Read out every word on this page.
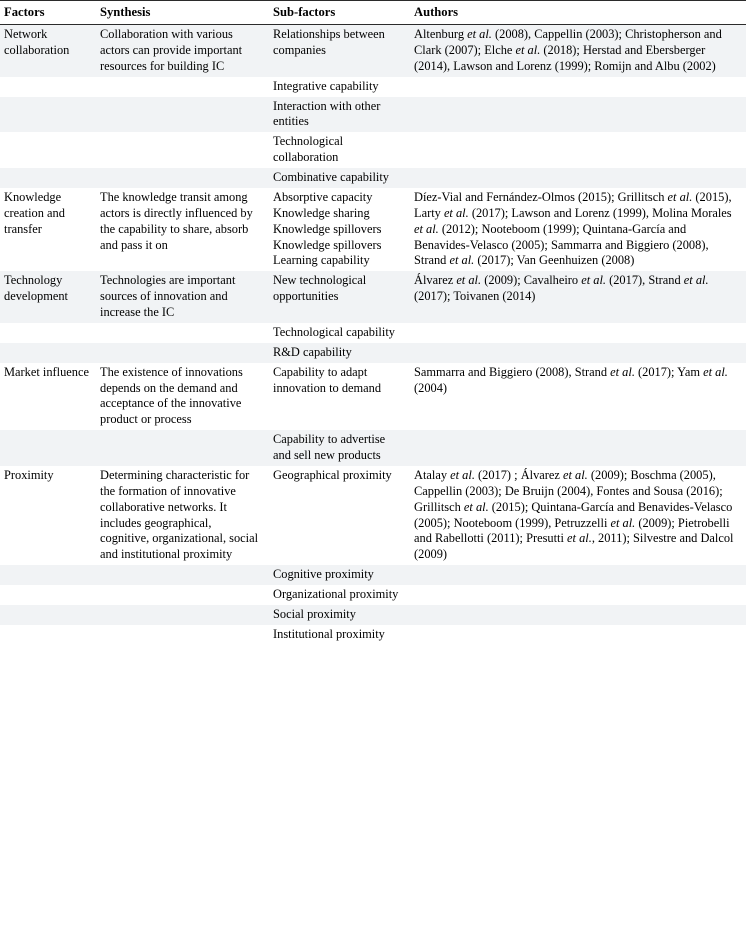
Factors	Synthesis	Sub-factors	Authors

Network collaboration	Collaboration with various actors can provide important resources for building IC	Relationships between companies	Altenburg et al. (2008), Cappellin (2003); Christopherson and Clark (2007); Elche et al. (2018); Herstad and Ebersberger (2014), Lawson and Lorenz (1999); Romijn and Albu (2002)

		Integrative capability	

		Interaction with other entities	

		Technological collaboration	

		Combinative capability	

Knowledge creation and transfer	The knowledge transit among actors is directly influenced by the capability to share, absorb and pass it on	Absorptive capacity Knowledge sharing Knowledge spillovers Knowledge spillovers Learning capability	Díez-Vial and Fernández-Olmos (2015); Grillitsch et al. (2015), Larty et al. (2017); Lawson and Lorenz (1999), Molina Morales et al. (2012); Nooteboom (1999); Quintana-García and Benavides-Velasco (2005); Sammarra and Biggiero (2008), Strand et al. (2017); Van Geenhuizen (2008)

Technology development	Technologies are important sources of innovation and increase the IC	New technological opportunities	Álvarez et al. (2009); Cavalheiro et al. (2017), Strand et al. (2017); Toivanen (2014)

		Technological capability	

		R&D capability	

Market influence	The existence of innovations depends on the demand and acceptance of the innovative product or process	Capability to adapt innovation to demand	Sammarra and Biggiero (2008), Strand et al. (2017); Yam et al. (2004)

		Capability to advertise and sell new products	

Proximity	Determining characteristic for the formation of innovative collaborative networks. It includes geographical, cognitive, organizational, social and institutional proximity	Geographical proximity	Atalay et al. (2017) ; Álvarez et al. (2009); Boschma (2005), Cappellin (2003); De Bruijn (2004), Fontes and Sousa (2016); Grillitsch et al. (2015); Quintana-García and Benavides-Velasco (2005); Nooteboom (1999), Petruzzelli et al. (2009); Pietrobelli and Rabellotti (2011); Presutti et al., 2011); Silvestre and Dalcol (2009)

		Cognitive proximity	

		Organizational proximity	

		Social proximity	

		Institutional proximity	
